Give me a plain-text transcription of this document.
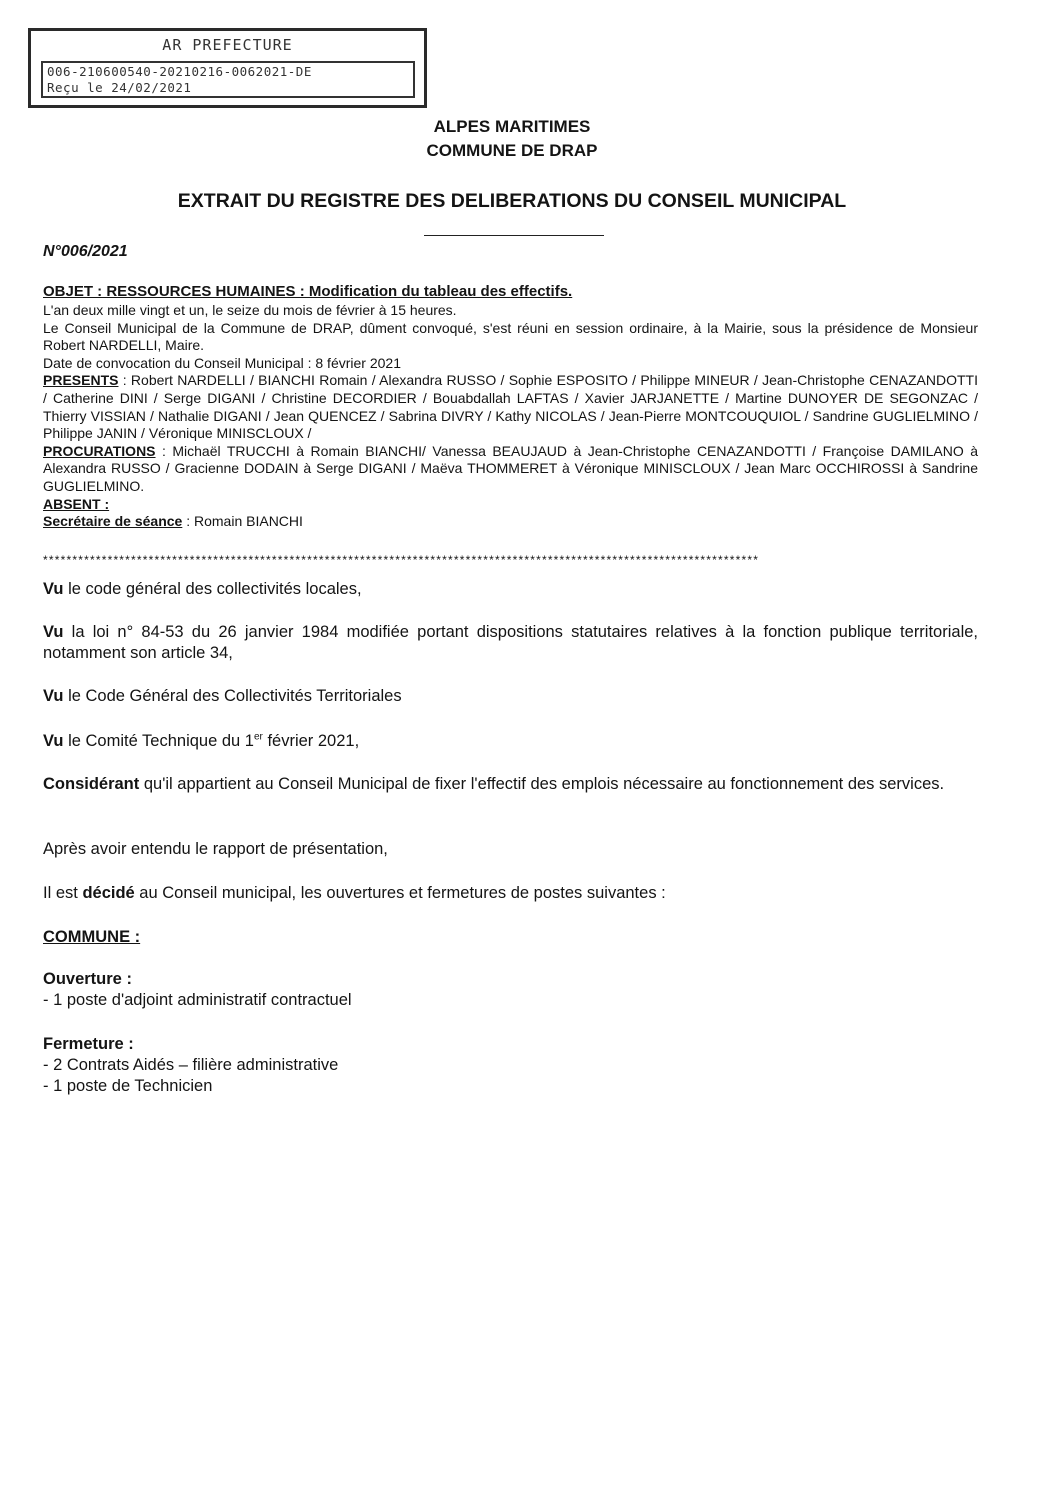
AR PREFECTURE
006-210600540-20210216-0062021-DE
Reçu le 24/02/2021
ALPES MARITIMES
COMMUNE DE DRAP
EXTRAIT DU REGISTRE DES DELIBERATIONS DU CONSEIL MUNICIPAL
N°006/2021
OBJET : RESSOURCES HUMAINES : Modification du tableau des effectifs.
L'an deux mille vingt et un, le seize du mois de février à 15 heures.
Le Conseil Municipal de la Commune de DRAP, dûment convoqué, s'est réuni en session ordinaire, à la Mairie, sous la présidence de Monsieur Robert NARDELLI, Maire.
Date de convocation du Conseil Municipal : 8 février 2021
PRESENTS : Robert NARDELLI / BIANCHI Romain / Alexandra RUSSO / Sophie ESPOSITO / Philippe MINEUR / Jean-Christophe CENAZANDOTTI / Catherine DINI / Serge DIGANI / Christine DECORDIER / Bouabdallah LAFTAS / Xavier JARJANETTE / Martine DUNOYER DE SEGONZAC / Thierry VISSIAN / Nathalie DIGANI / Jean QUENCEZ / Sabrina DIVRY / Kathy NICOLAS / Jean-Pierre MONTCOUQUIOL / Sandrine GUGLIELMINO / Philippe JANIN / Véronique MINISCLOUX /
PROCURATIONS : Michaël TRUCCHI à Romain BIANCHI/ Vanessa BEAUJAUD à Jean-Christophe CENAZANDOTTI / Françoise DAMILANO à Alexandra RUSSO / Gracienne DODAIN à Serge DIGANI / Maëva THOMMERET à Véronique MINISCLOUX / Jean Marc OCCHIROSSI à Sandrine GUGLIELMINO.
ABSENT :
Secrétaire de séance : Romain BIANCHI
**************************************************************************************************************************
Vu le code général des collectivités locales,
Vu la loi n° 84-53 du 26 janvier 1984 modifiée portant dispositions statutaires relatives à la fonction publique territoriale, notamment son article 34,
Vu le Code Général des Collectivités Territoriales
Vu le Comité Technique du 1er février 2021,
Considérant qu'il appartient au Conseil Municipal de fixer l'effectif des emplois nécessaire au fonctionnement des services.
Après avoir entendu le rapport de présentation,
Il est décidé au Conseil municipal, les ouvertures et fermetures de postes suivantes :
COMMUNE :
Ouverture :
- 1 poste d'adjoint administratif contractuel
Fermeture :
- 2 Contrats Aidés – filière administrative
- 1 poste de Technicien
